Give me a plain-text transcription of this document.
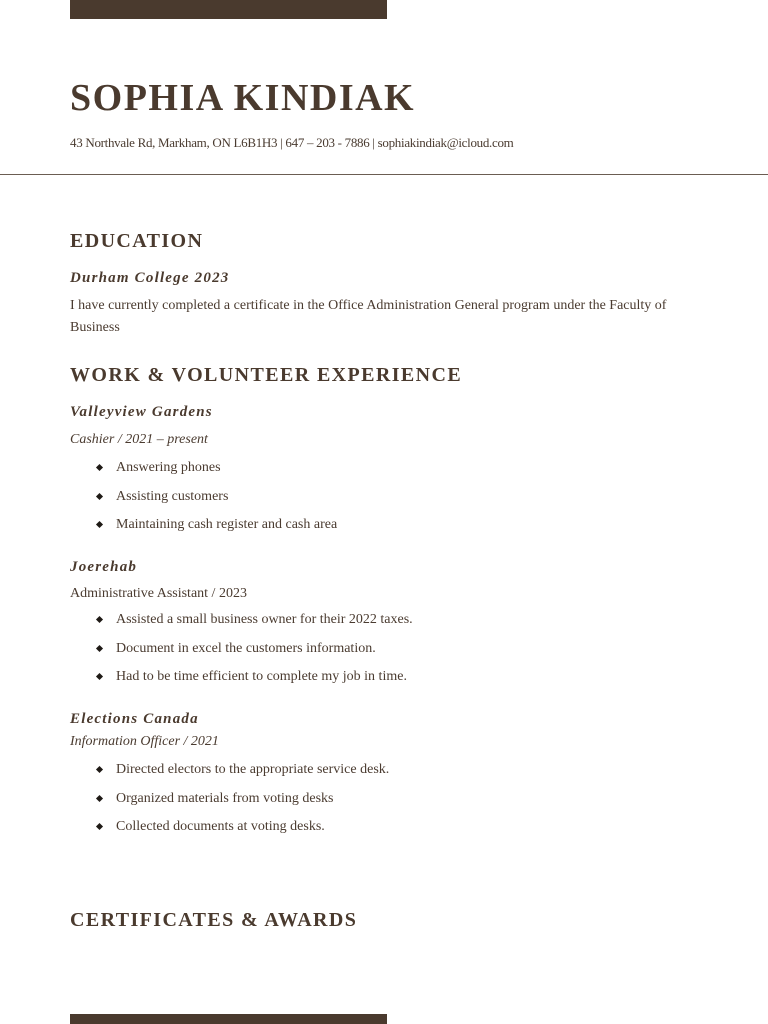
SOPHIA KINDIAK
43 Northvale Rd, Markham, ON L6B1H3 | 647 – 203 - 7886 | sophiakindiak@icloud.com
EDUCATION
Durham College 2023
I have currently completed a certificate in the Office Administration General program under the Faculty of Business
WORK & VOLUNTEER EXPERIENCE
Valleyview Gardens
Cashier / 2021 – present
Answering phones
Assisting customers
Maintaining cash register and cash area
Joerehab
Administrative Assistant / 2023
Assisted a small business owner for their 2022 taxes.
Document in excel the customers information.
Had to be time efficient to complete my job in time.
Elections Canada
Information Officer / 2021
Directed electors to the appropriate service desk.
Organized materials from voting desks
Collected documents at voting desks.
CERTIFICATES & AWARDS
